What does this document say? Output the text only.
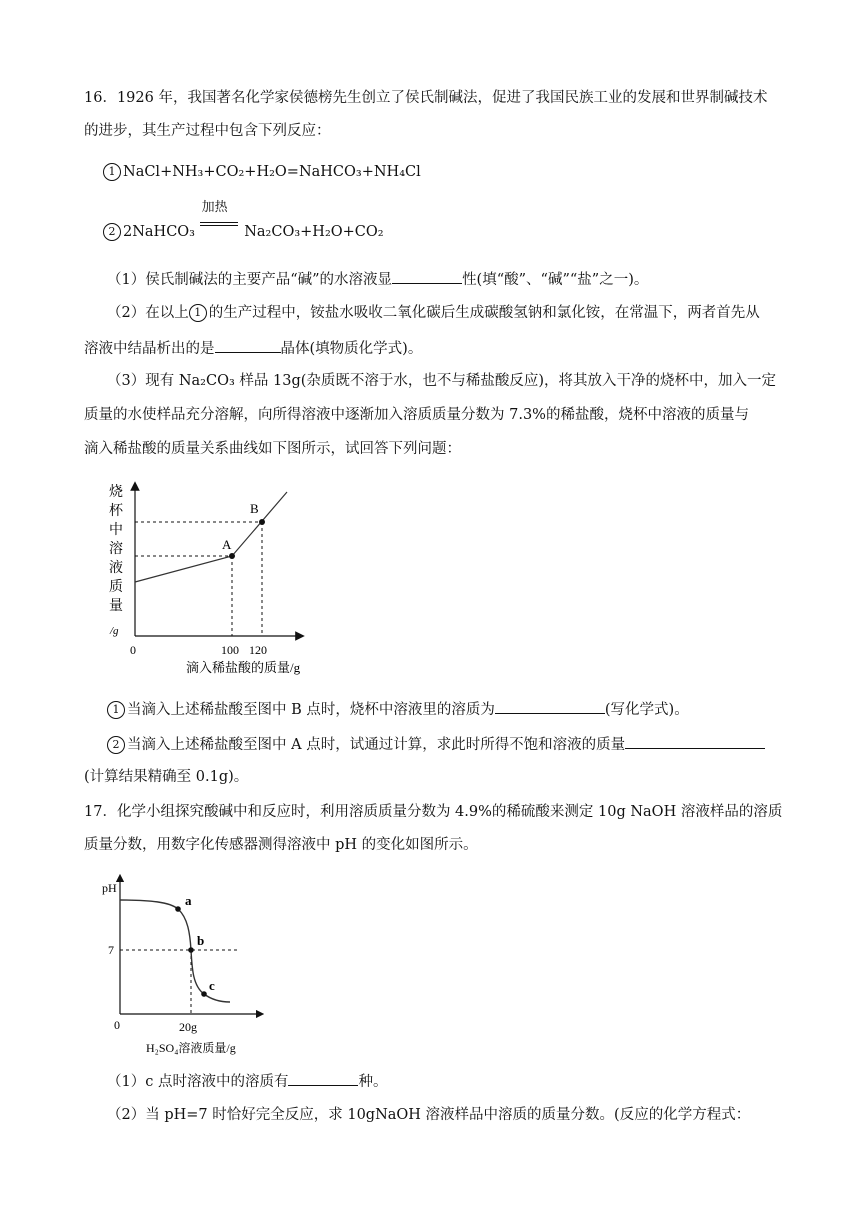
16．1926 年，我国著名化学家侯德榜先生创立了侯氏制碱法，促进了我国民族工业的发展和世界制碱技术
的进步，其生产过程中包含下列反应：
1 NaCl+NH₃+CO₂+H₂O=NaHCO₃+NH₄Cl
2 2NaHCO₃
加热
Na₂CO₃+H₂O+CO₂
（1）侯氏制碱法的主要产品“碱”的水溶液显	性(填“酸”、“碱”“盐”之一)。
（2）在以上 1 的生产过程中，铵盐水吸收二氧化碳后生成碳酸氢钠和氯化铵，在常温下，两者首先从
溶液中结晶析出的是	晶体(填物质化学式)。
（3）现有 Na₂CO₃ 样品 13g(杂质既不溶于水，也不与稀盐酸反应)，将其放入干净的烧杯中，加入一定
质量的水使样品充分溶解，向所得溶液中逐渐加入溶质质量分数为 7.3%的稀盐酸，烧杯中溶液的质量与
滴入稀盐酸的质量关系曲线如下图所示，试回答下列问题：
烧
杯
中
溶
液
质
量
/g
0	100 120
滴入稀盐酸的质量/g
A
B
1 当滴入上述稀盐酸至图中 B 点时，烧杯中溶液里的溶质为	(写化学式)。
2 当滴入上述稀盐酸至图中 A 点时，试通过计算，求此时所得不饱和溶液的质量
(计算结果精确至 0.1g)。
17．化学小组探究酸碱中和反应时，利用溶质质量分数为 4.9%的稀硫酸来测定 10g NaOH 溶液样品的溶质
质量分数，用数字化传感器测得溶液中 pH 的变化如图所示。
pH
7
0	20g
H₂SO₄溶液质量/g
a
b
c
（1）c 点时溶液中的溶质有	种。
（2）当 pH=7 时恰好完全反应，求 10gNaOH 溶液样品中溶质的质量分数。(反应的化学方程式：
